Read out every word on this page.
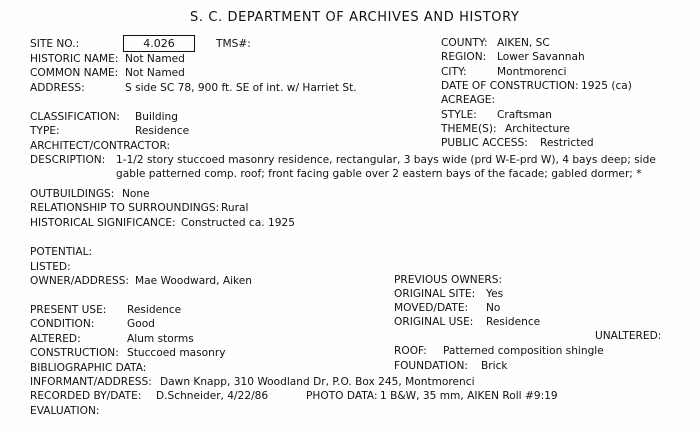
S. C. DEPARTMENT OF ARCHIVES AND HISTORY
SITE NO.:	4.026	TMS#:
HISTORIC NAME: Not Named
COMMON NAME: Not Named
ADDRESS:	S side SC 78, 900 ft. SE of int. w/ Harriet St.
COUNTY: AIKEN, SC
REGION: Lower Savannah
CITY:	Montmorenci
DATE OF CONSTRUCTION: 1925 (ca)
ACREAGE:
STYLE: Craftsman
THEME(S): Architecture
PUBLIC ACCESS: Restricted
CLASSIFICATION: Building
TYPE:	Residence
ARCHITECT/CONTRACTOR:
DESCRIPTION: 1-1/2 story stuccoed masonry residence, rectangular, 3 bays wide (prd W-E-prd W), 4 bays deep; side
gable patterned comp. roof; front facing gable over 2 eastern bays of the facade; gabled dormer; *
OUTBUILDINGS: None
RELATIONSHIP TO SURROUNDINGS: Rural
HISTORICAL SIGNIFICANCE: Constructed ca. 1925
POTENTIAL:
LISTED:
OWNER/ADDRESS: Mae Woodward, Aiken	PREVIOUS OWNERS:
ORIGINAL SITE: Yes
MOVED/DATE: No
ORIGINAL USE: Residence
UNALTERED:
PRESENT USE: Residence
CONDITION:	Good
ALTERED:	Alum storms
CONSTRUCTION: Stuccoed masonry	ROOF: Patterned composition shingle
BIBLIOGRAPHIC DATA:	FOUNDATION: Brick
INFORMANT/ADDRESS: Dawn Knapp, 310 Woodland Dr, P.O. Box 245, Montmorenci
RECORDED BY/DATE: D.Schneider, 4/22/86	PHOTO DATA: 1 B&W, 35 mm, AIKEN Roll #9:19
EVALUATION:
